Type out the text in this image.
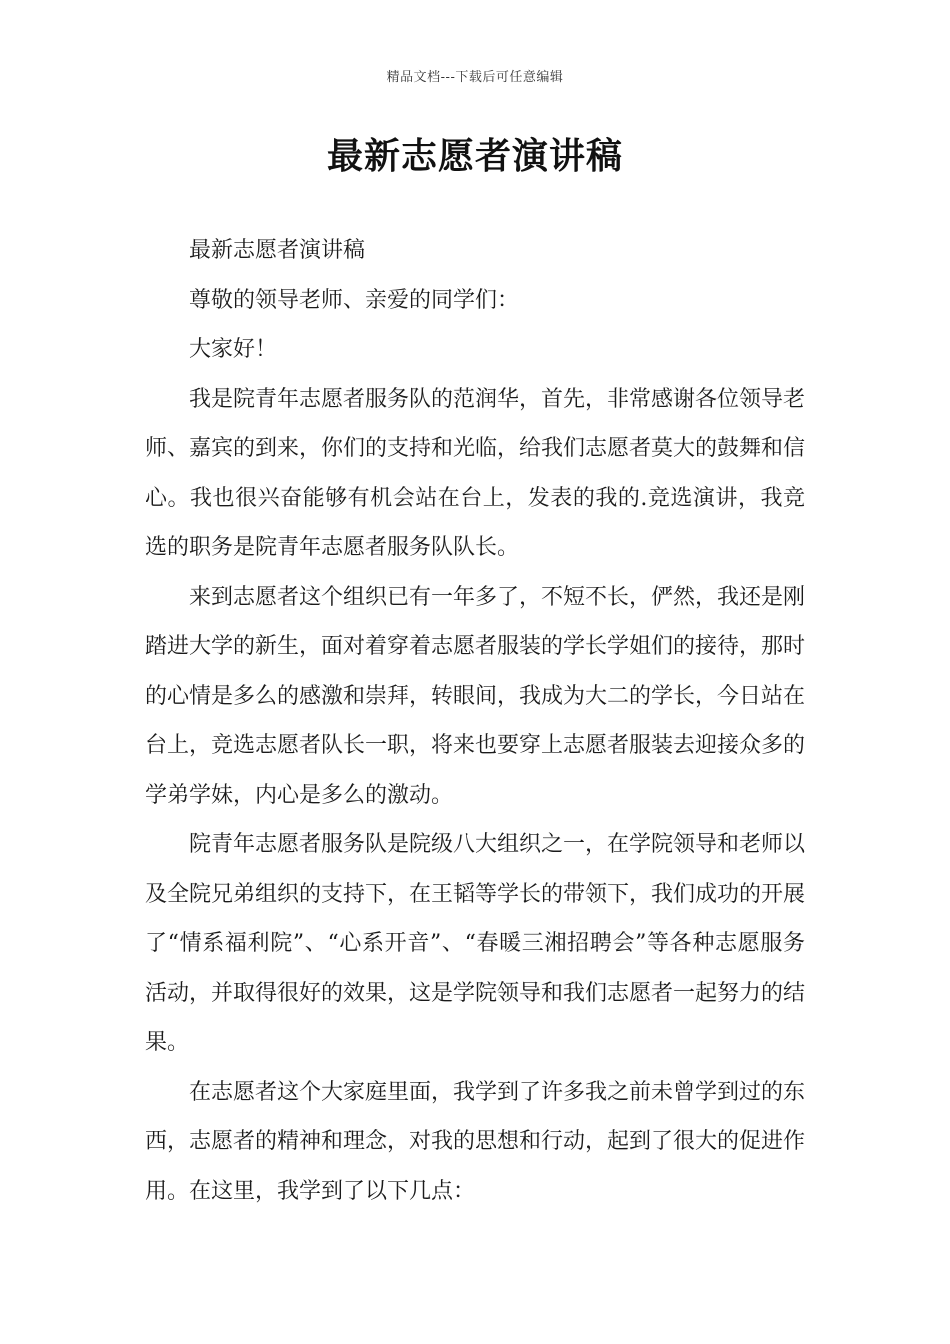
精品文档---下载后可任意编辑
最新志愿者演讲稿

最新志愿者演讲稿

尊敬的领导老师、亲爱的同学们：

大家好！

我是院青年志愿者服务队的范润华，首先，非常感谢各位领导老师、嘉宾的到来，你们的支持和光临，给我们志愿者莫大的鼓舞和信心。我也很兴奋能够有机会站在台上，发表的我的.竞选演讲，我竞选的职务是院青年志愿者服务队队长。

来到志愿者这个组织已有一年多了，不短不长，俨然，我还是刚踏进大学的新生，面对着穿着志愿者服装的学长学姐们的接待，那时的心情是多么的感激和崇拜，转眼间，我成为大二的学长，今日站在台上，竞选志愿者队长一职，将来也要穿上志愿者服装去迎接众多的学弟学妹，内心是多么的激动。

院青年志愿者服务队是院级八大组织之一，在学院领导和老师以及全院兄弟组织的支持下，在王韬等学长的带领下，我们成功的开展了“情系福利院”、“心系开音”、“春暖三湘招聘会”等各种志愿服务活动，并取得很好的效果，这是学院领导和我们志愿者一起努力的结果。

在志愿者这个大家庭里面，我学到了许多我之前未曾学到过的东西，志愿者的精神和理念，对我的思想和行动，起到了很大的促进作用。在这里，我学到了以下几点：
